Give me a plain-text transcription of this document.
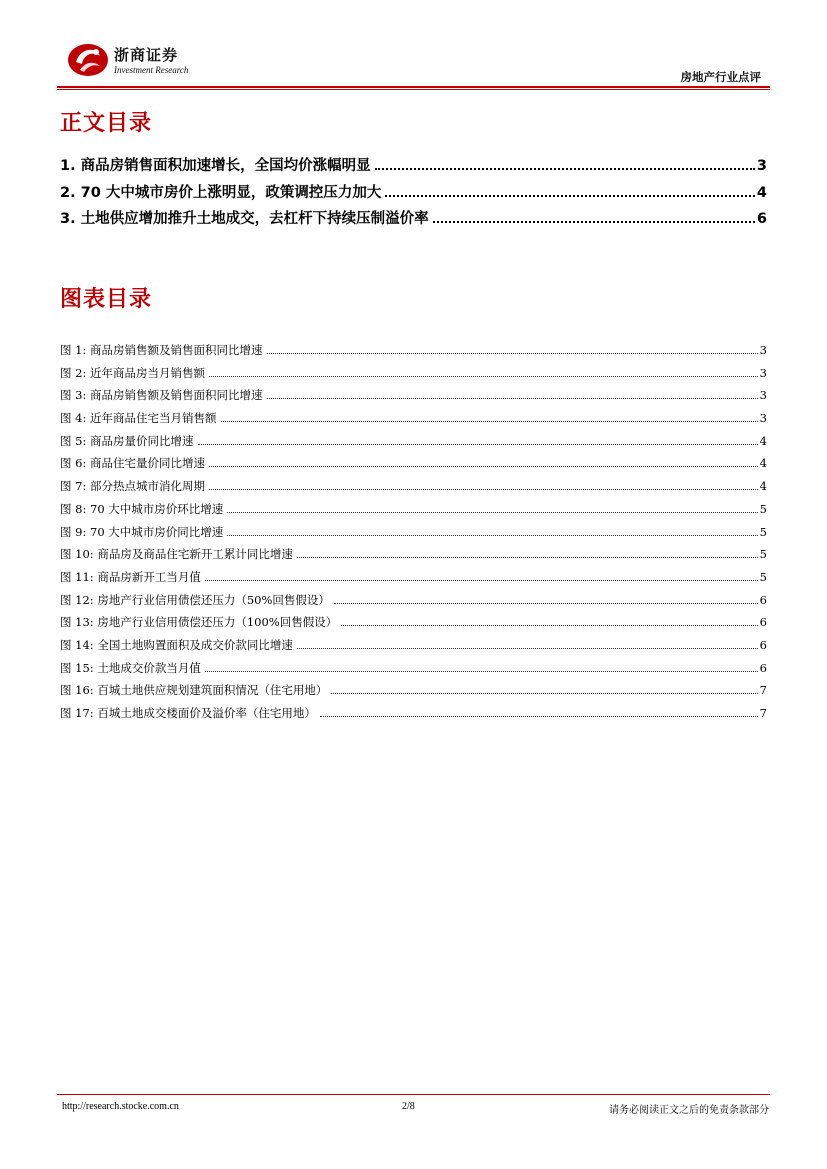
浙商证券
Investment Research	房地产行业点评
正文目录
1. 商品房销售面积加速增长，全国均价涨幅明显	3
2. 70 大中城市房价上涨明显，政策调控压力加大	4
3. 土地供应增加推升土地成交，去杠杆下持续压制溢价率	6
图表目录
图 1: 商品房销售额及销售面积同比增速	3
图 2: 近年商品房当月销售额	3
图 3: 商品房销售额及销售面积同比增速	3
图 4: 近年商品住宅当月销售额	3
图 5: 商品房量价同比增速	4
图 6: 商品住宅量价同比增速	4
图 7: 部分热点城市消化周期	4
图 8: 70 大中城市房价环比增速	5
图 9: 70 大中城市房价同比增速	5
图 10: 商品房及商品住宅新开工累计同比增速	5
图 11: 商品房新开工当月值	5
图 12: 房地产行业信用债偿还压力（50%回售假设）	6
图 13: 房地产行业信用债偿还压力（100%回售假设）	6
图 14: 全国土地购置面积及成交价款同比增速	6
图 15: 土地成交价款当月值	6
图 16: 百城土地供应规划建筑面积情况（住宅用地）	7
图 17: 百城土地成交楼面价及溢价率（住宅用地）	7
http://research.stocke.com.cn	2/8	请务必阅读正文之后的免责条款部分
